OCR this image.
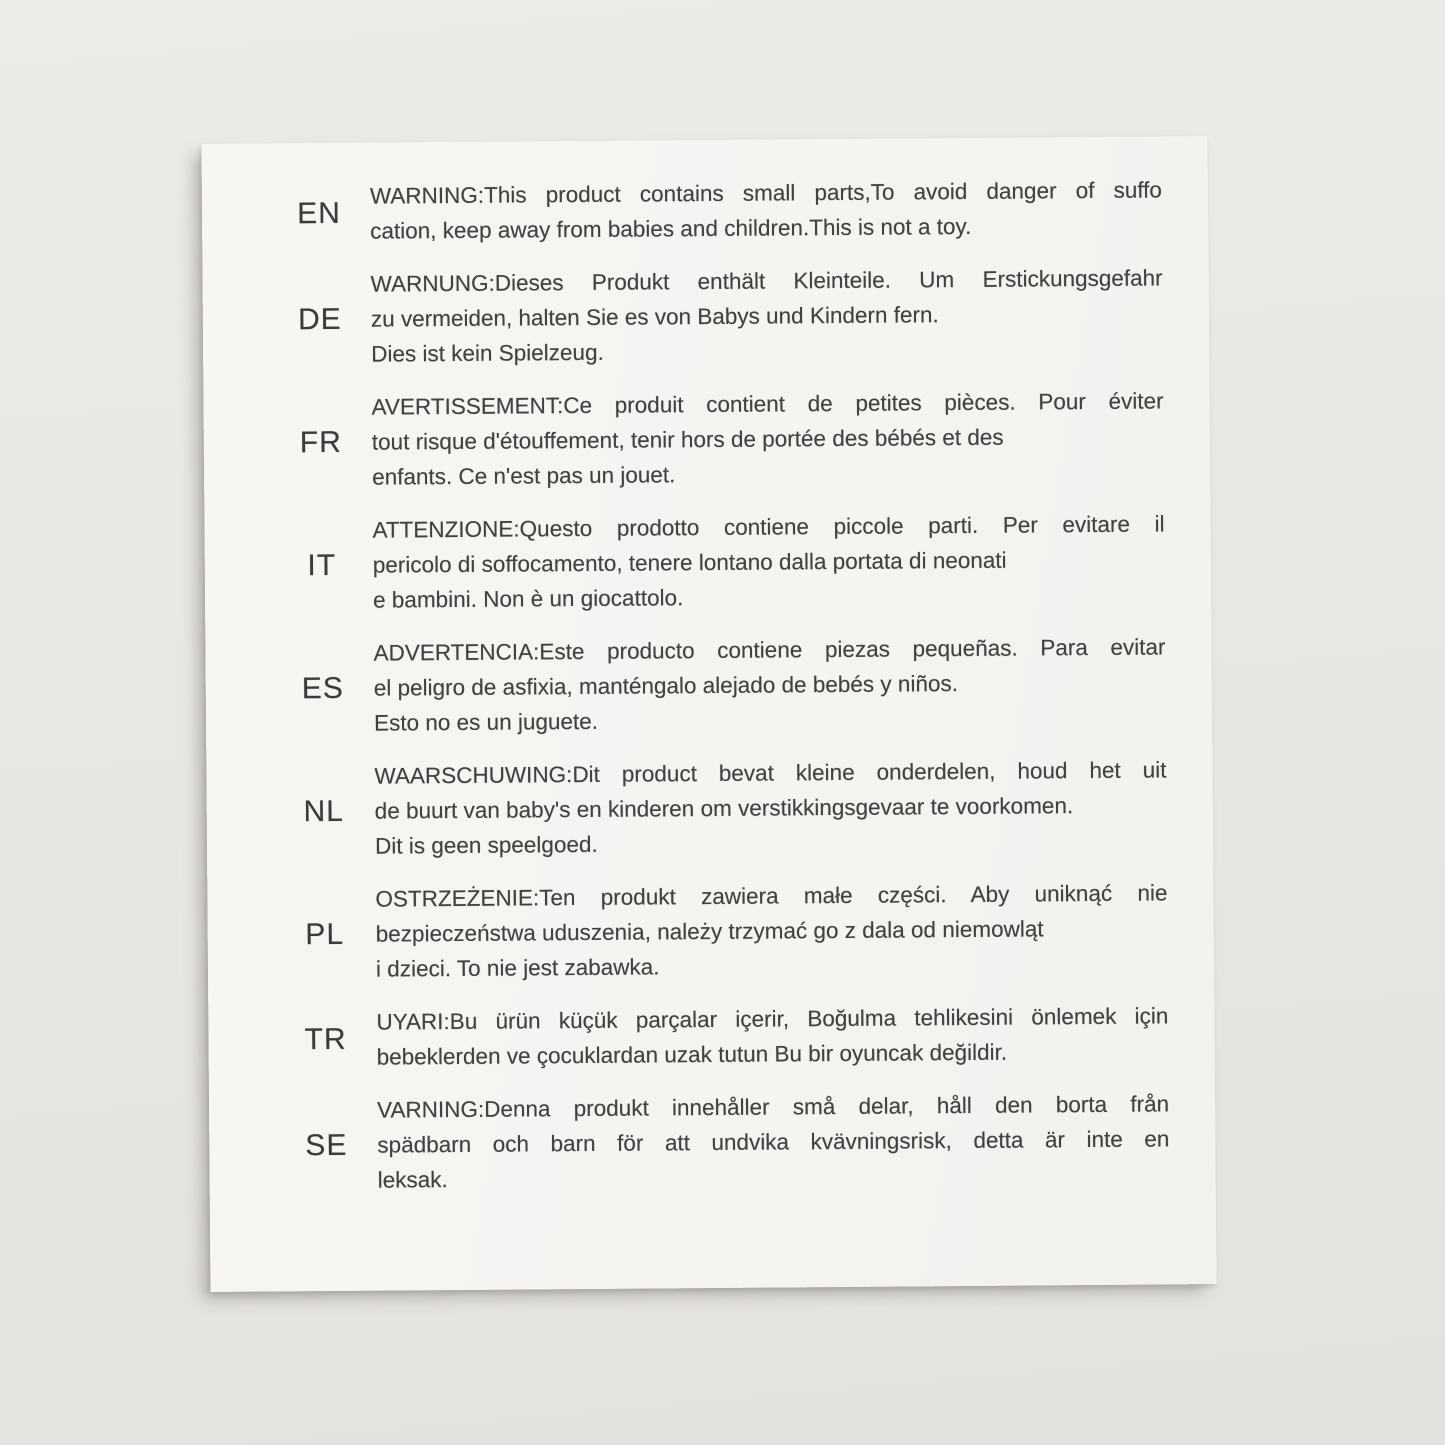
EN
WARNING:This product contains small parts,To avoid danger of suffo
cation, keep away from babies and children.This is not a toy.
DE
WARNUNG:Dieses Produkt enthält Kleinteile. Um Erstickungsgefahr
zu vermeiden, halten Sie es von Babys und Kindern fern.
Dies ist kein Spielzeug.
FR
AVERTISSEMENT:Ce produit contient de petites pièces. Pour éviter
tout risque d'étouffement, tenir hors de portée des bébés et des
enfants. Ce n'est pas un jouet.
IT
ATTENZIONE:Questo prodotto contiene piccole parti. Per evitare il
pericolo di soffocamento, tenere lontano dalla portata di neonati
e bambini. Non è un giocattolo.
ES
ADVERTENCIA:Este producto contiene piezas pequeñas. Para evitar
el peligro de asfixia, manténgalo alejado de bebés y niños.
Esto no es un juguete.
NL
WAARSCHUWING:Dit product bevat kleine onderdelen, houd het uit
de buurt van baby's en kinderen om verstikkingsgevaar te voorkomen.
Dit is geen speelgoed.
PL
OSTRZEŻENIE:Ten produkt zawiera małe części. Aby uniknąć nie
bezpieczeństwa uduszenia, należy trzymać go z dala od niemowląt
i dzieci. To nie jest zabawka.
TR
UYARI:Bu ürün küçük parçalar içerir, Boğulma tehlikesini önlemek için
bebeklerden ve çocuklardan uzak tutun Bu bir oyuncak değildir.
SE
VARNING:Denna produkt innehåller små delar, håll den borta från
spädbarn och barn för att undvika kvävningsrisk, detta är inte en
leksak.
